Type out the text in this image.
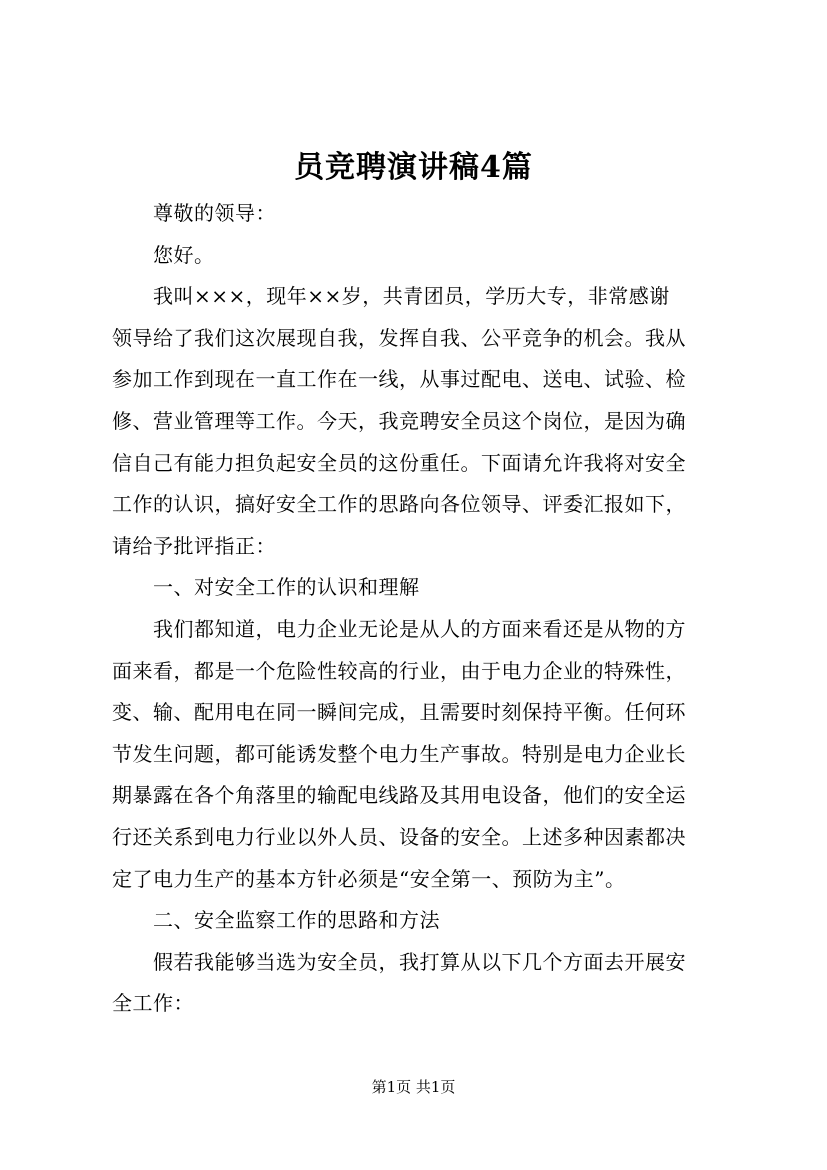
员竞聘演讲稿4篇
尊敬的领导：
您好。
我叫×××，现年××岁，共青团员，学历大专，非常感谢
领导给了我们这次展现自我，发挥自我、公平竞争的机会。我从
参加工作到现在一直工作在一线，从事过配电、送电、试验、检
修、营业管理等工作。今天，我竞聘安全员这个岗位，是因为确
信自己有能力担负起安全员的这份重任。下面请允许我将对安全
工作的认识，搞好安全工作的思路向各位领导、评委汇报如下，
请给予批评指正：
一、对安全工作的认识和理解
我们都知道，电力企业无论是从人的方面来看还是从物的方
面来看，都是一个危险性较高的行业，由于电力企业的特殊性，
变、输、配用电在同一瞬间完成，且需要时刻保持平衡。任何环
节发生问题，都可能诱发整个电力生产事故。特别是电力企业长
期暴露在各个角落里的输配电线路及其用电设备，他们的安全运
行还关系到电力行业以外人员、设备的安全。上述多种因素都决
定了电力生产的基本方针必须是“安全第一、预防为主”。
二、安全监察工作的思路和方法
假若我能够当选为安全员，我打算从以下几个方面去开展安
全工作：
第1页 共1页
